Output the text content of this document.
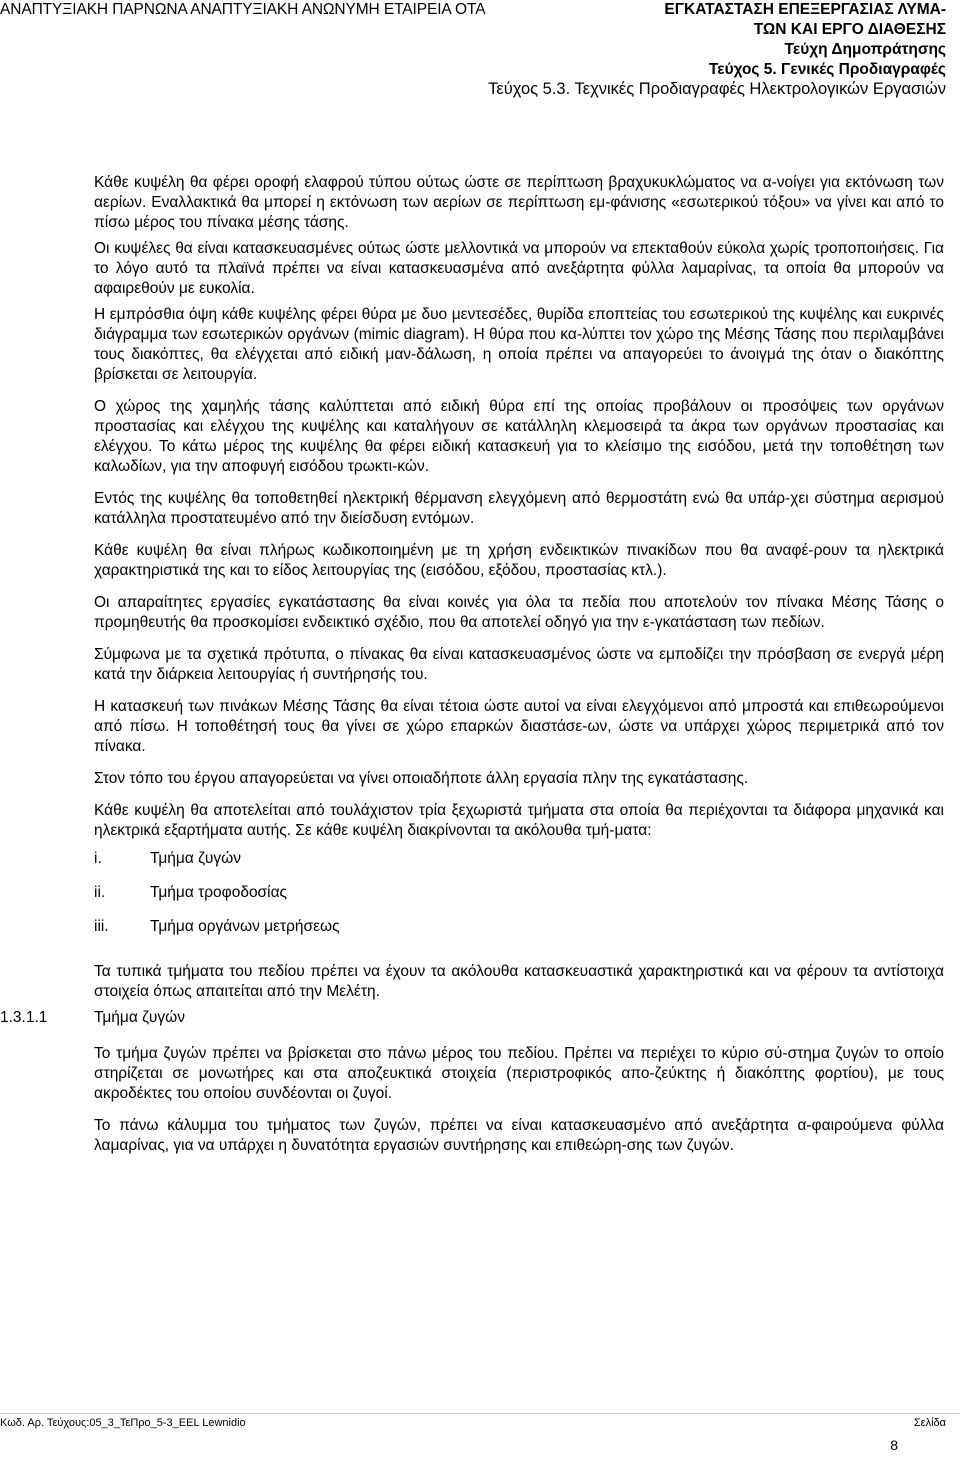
ΑΝΑΠΤΥΞΙΑΚΗ ΠΑΡΝΩΝΑ ΑΝΑΠΤΥΞΙΑΚΗ ΑΝΩΝΥΜΗ ΕΤΑΙΡΕΙΑ ΟΤΑ	ΕΓΚΑΤΑΣΤΑΣΗ ΕΠΕΞΕΡΓΑΣΙΑΣ ΛΥΜΑ-
ΤΩΝ ΚΑΙ ΕΡΓΟ ΔΙΑΘΕΣΗΣ
Τεύχη Δημοπράτησης
Τεύχος 5. Γενικές Προδιαγραφές
Τεύχος 5.3. Τεχνικές Προδιαγραφές Ηλεκτρολογικών Εργασιών

Κάθε κυψέλη θα φέρει οροφή ελαφρού τύπου ούτως ώστε σε περίπτωση βραχυκυκλώματος να α-νοίγει για εκτόνωση των αερίων. Εναλλακτικά θα μπορεί η εκτόνωση των αερίων σε περίπτωση εμ-φάνισης «εσωτερικού τόξου» να γίνει και από το πίσω μέρος του πίνακα μέσης τάσης.

Οι κυψέλες θα είναι κατασκευασμένες ούτως ώστε μελλοντικά να μπορούν να επεκταθούν εύκολα χωρίς τροποποιήσεις. Για το λόγο αυτό τα πλαϊνά πρέπει να είναι κατασκευασμένα από ανεξάρτητα φύλλα λαμαρίνας, τα οποία θα μπορούν να αφαιρεθούν με ευκολία.

Η εμπρόσθια όψη κάθε κυψέλης φέρει θύρα με δυο μεντεσέδες, θυρίδα εποπτείας του εσωτερικού της κυψέλης και ευκρινές διάγραμμα των εσωτερικών οργάνων (mimic diagram). Η θύρα που κα-λύπτει τον χώρο της Μέσης Τάσης που περιλαμβάνει τους διακόπτες, θα ελέγχεται από ειδική μαν-δάλωση, η οποία πρέπει να απαγορεύει το άνοιγμά της όταν ο διακόπτης βρίσκεται σε λειτουργία.

Ο χώρος της χαμηλής τάσης καλύπτεται από ειδική θύρα επί της οποίας προβάλουν οι προσόψεις των οργάνων προστασίας και ελέγχου της κυψέλης και καταλήγουν σε κατάλληλη κλεμοσειρά τα άκρα των οργάνων προστασίας και ελέγχου. Το κάτω μέρος της κυψέλης θα φέρει ειδική κατασκευή για το κλείσιμο της εισόδου, μετά την τοποθέτηση των καλωδίων, για την αποφυγή εισόδου τρωκτι-κών.

Εντός της κυψέλης θα τοποθετηθεί ηλεκτρική θέρμανση ελεγχόμενη από θερμοστάτη ενώ θα υπάρ-χει σύστημα αερισμού κατάλληλα προστατευμένο από την διείσδυση εντόμων.

Κάθε κυψέλη θα είναι πλήρως κωδικοποιημένη με τη χρήση ενδεικτικών πινακίδων που θα αναφέ-ρουν τα ηλεκτρικά χαρακτηριστικά της και το είδος λειτουργίας της (εισόδου, εξόδου, προστασίας κτλ.).

Οι απαραίτητες εργασίες εγκατάστασης θα είναι κοινές για όλα τα πεδία που αποτελούν τον πίνακα Μέσης Τάσης ο προμηθευτής θα προσκομίσει ενδεικτικό σχέδιο, που θα αποτελεί οδηγό για την ε-γκατάσταση των πεδίων.

Σύμφωνα με τα σχετικά πρότυπα, ο πίνακας θα είναι κατασκευασμένος ώστε να εμποδίζει την πρόσβαση σε ενεργά μέρη κατά την διάρκεια λειτουργίας ή συντήρησής του.

Η κατασκευή των πινάκων Μέσης Τάσης θα είναι τέτοια ώστε αυτοί να είναι ελεγχόμενοι από μπροστά και επιθεωρούμενοι από πίσω. Η τοποθέτησή τους θα γίνει σε χώρο επαρκών διαστάσε-ων, ώστε να υπάρχει χώρος περιμετρικά από τον πίνακα.

Στον τόπο του έργου απαγορεύεται να γίνει οποιαδήποτε άλλη εργασία πλην της εγκατάστασης.

Κάθε κυψέλη θα αποτελείται από τουλάχιστον τρία ξεχωριστά τμήματα στα οποία θα περιέχονται τα διάφορα μηχανικά και ηλεκτρικά εξαρτήματα αυτής. Σε κάθε κυψέλη διακρίνονται τα ακόλουθα τμή-ματα:

i.	Τμήμα ζυγών
ii.	Τμήμα τροφοδοσίας
iii.	Τμήμα οργάνων μετρήσεως

Τα τυπικά τμήματα του πεδίου πρέπει να έχουν τα ακόλουθα κατασκευαστικά χαρακτηριστικά και να φέρουν τα αντίστοιχα στοιχεία όπως απαιτείται από την Μελέτη.

1.3.1.1	Τμήμα ζυγών

Το τμήμα ζυγών πρέπει να βρίσκεται στο πάνω μέρος του πεδίου. Πρέπει να περιέχει το κύριο σύ-στημα ζυγών το οποίο στηρίζεται σε μονωτήρες και στα αποζευκτικά στοιχεία (περιστροφικός απο-ζεύκτης ή διακόπτης φορτίου), με τους ακροδέκτες του οποίου συνδέονται οι ζυγοί.

Το πάνω κάλυμμα του τμήματος των ζυγών, πρέπει να είναι κατασκευασμένο από ανεξάρτητα α-φαιρούμενα φύλλα λαμαρίνας, για να υπάρχει η δυνατότητα εργασιών συντήρησης και επιθεώρη-σης των ζυγών.

Κωδ. Αρ. Τεύχους:05_3_ΤεΠρο_5-3_EEL Lewnidio	Σελίδα
8
